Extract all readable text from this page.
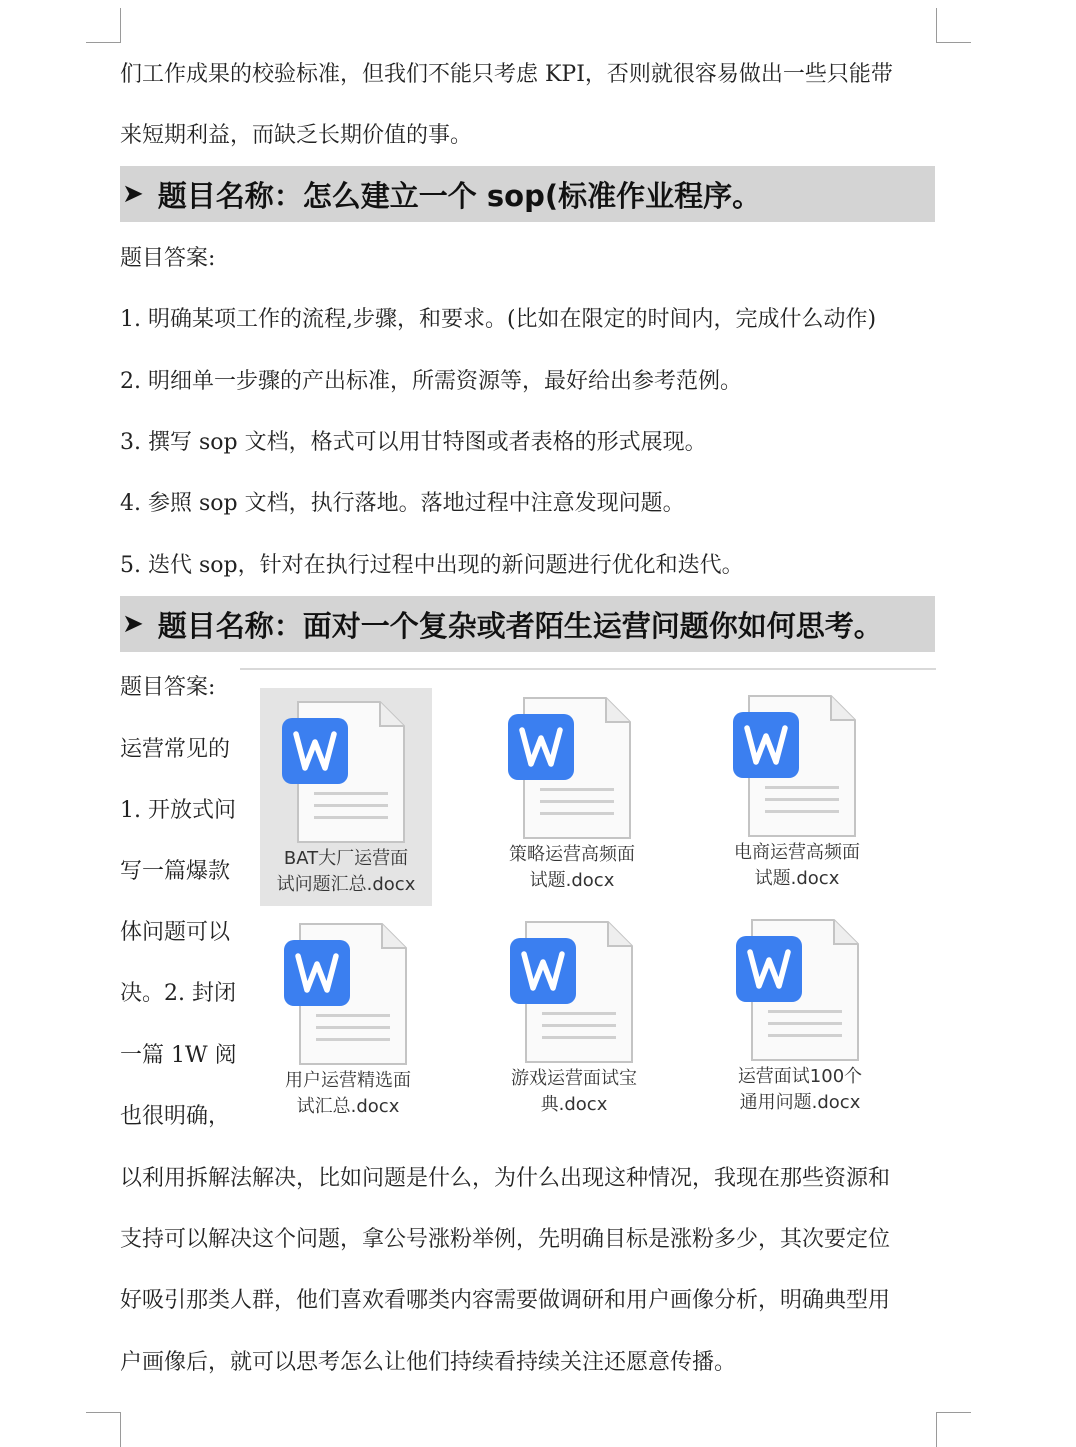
们工作成果的校验标准，但我们不能只考虑 KPI，否则就很容易做出一些只能带
来短期利益，而缺乏长期价值的事。
➤ 题目名称：怎么建立一个 sop(标准作业程序。
题目答案:
1. 明确某项工作的流程,步骤，和要求。(比如在限定的时间内，完成什么动作)
2. 明细单一步骤的产出标准，所需资源等，最好给出参考范例。
3. 撰写 sop 文档，格式可以用甘特图或者表格的形式展现。
4. 参照 sop 文档，执行落地。落地过程中注意发现问题。
5. 迭代 sop，针对在执行过程中出现的新问题进行优化和迭代。
➤ 题目名称：面对一个复杂或者陌生运营问题你如何思考。
题目答案:
运营常见的
1. 开放式问
写一篇爆款
体问题可以
决。2. 封闭
一篇 1W 阅
也很明确，
以利用拆解法解决，比如问题是什么，为什么出现这种情况，我现在那些资源和
支持可以解决这个问题，拿公号涨粉举例，先明确目标是涨粉多少，其次要定位
好吸引那类人群，他们喜欢看哪类内容需要做调研和用户画像分析，明确典型用
户画像后，就可以思考怎么让他们持续看持续关注还愿意传播。
BAT大厂运营面
试问题汇总.docx
策略运营高频面
试题.docx
电商运营高频面
试题.docx
用户运营精选面
试汇总.docx
游戏运营面试宝
典.docx
运营面试100个
通用问题.docx
